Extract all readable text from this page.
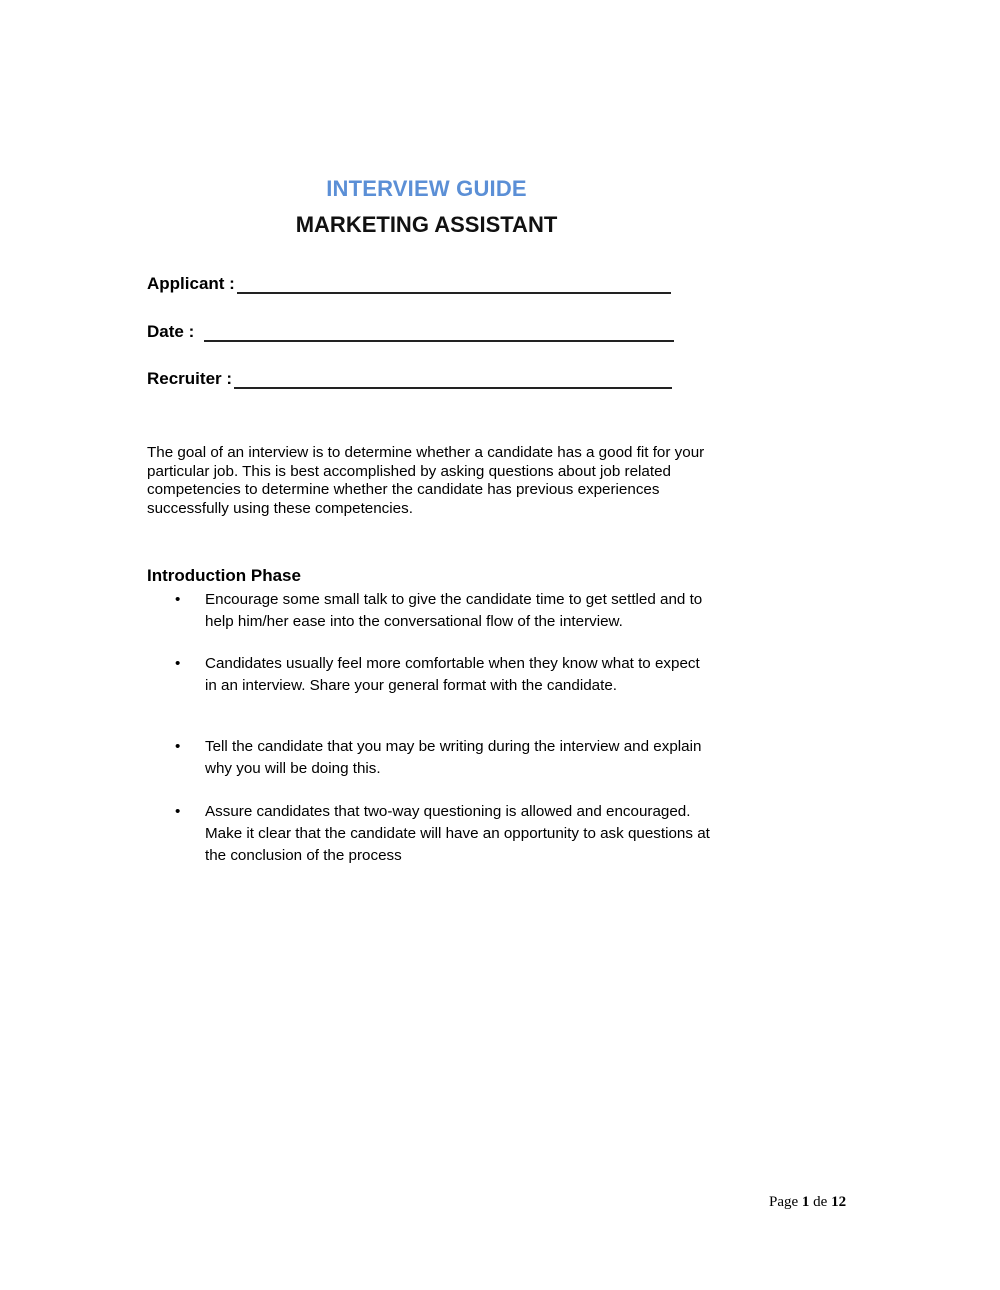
INTERVIEW GUIDE
MARKETING ASSISTANT
Applicant :
Date :
Recruiter :
The goal of an interview is to determine whether a candidate has a good fit for your particular job. This is best accomplished by asking questions about job related competencies to determine whether the candidate has previous experiences successfully using these competencies.
Introduction Phase
•	Encourage some small talk to give the candidate time to get settled and to help him/her ease into the conversational flow of the interview.
•	Candidates usually feel more comfortable when they know what to expect in an interview. Share your general format with the candidate.
•	Tell the candidate that you may be writing during the interview and explain why you will be doing this.
•	Assure candidates that two-way questioning is allowed and encouraged. Make it clear that the candidate will have an opportunity to ask questions at the conclusion of the process
Page 1 de 12
